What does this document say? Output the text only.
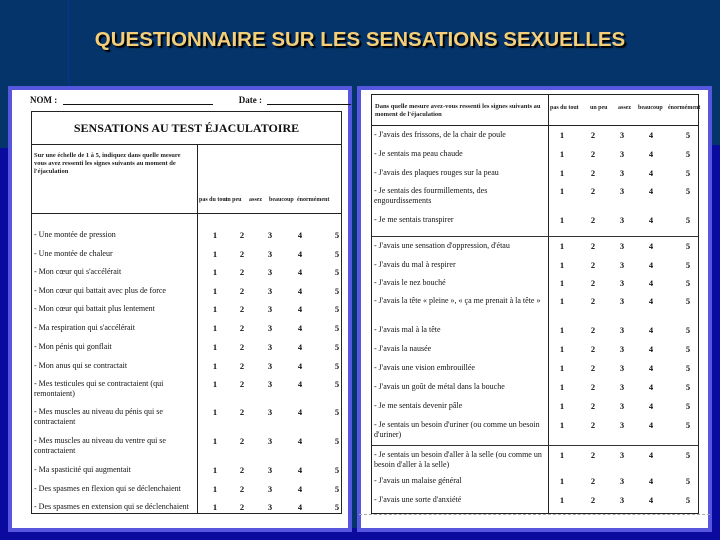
QUESTIONNAIRE SUR LES SENSATIONS SEXUELLES
NOM :	Date :
SENSATIONS AU TEST ÉJACULATOIRE
Sur une échelle de 1 à 5, indiquez dans quelle mesure vous avez ressenti les signes suivants au moment de l'éjaculation
pas du tout
un peu assez beaucoup énormément
- Une montée de pression	1	2	3	4	5
- Une montée de chaleur	1	2	3	4	5
- Mon cœur qui s'accélérait	1	2	3	4	5
- Mon cœur qui battait avec plus de force	1	2	3	4	5
- Mon cœur qui battait plus lentement	1	2	3	4	5
- Ma respiration qui s'accélérait	1	2	3	4	5
- Mon pénis qui gonflait	1	2	3	4	5
- Mon anus qui se contractait	1	2	3	4	5
- Mes testicules qui se contractaient (qui remontaient)
1	2	3	4	5
- Mes muscles au niveau du pénis qui se contractaient
1	2	3	4	5
- Mes muscles au niveau du ventre qui se contractaient
1	2	3	4	5
- Ma spasticité qui augmentait	1	2	3	4	5
- Des spasmes en flexion qui se déclenchaient	1	2	3	4	5
- Des spasmes en extension qui se déclenchaient	1	2	3	4	5
Dans quelle mesure avez-vous ressenti les signes suivants au moment de l'éjaculation
pas du tout un peu assez beaucoup énormément
- J'avais des frissons, de la chair de poule	1	2	3	4	5
- Je sentais ma peau chaude	1	2	3	4	5
- J'avais des plaques rouges sur la peau	1	2	3	4	5
- Je sentais des fourmillements, des engourdissements
1	2	3	4	5
- Je me sentais transpirer	1	2	3	4	5
- J'avais une sensation d'oppression, d'étau	1	2	3	4	5
- J'avais du mal à respirer	1	2	3	4	5
- J'avais le nez bouché	1	2	3	4	5
- J'avais la tête « pleine », « ça me prenait à la tête »	1	2	3	4	5
- J'avais mal à la tête	1	2	3	4	5
- J'avais la nausée	1	2	3	4	5
- J'avais une vision embrouillée	1	2	3	4	5
- J'avais un goût de métal dans la bouche	1	2	3	4	5
- Je me sentais devenir pâle	1	2	3	4	5
- Je sentais un besoin d'uriner (ou comme un besoin d'uriner)
1	2	3	4	5
- Je sentais un besoin d'aller à la selle (ou comme un besoin d'aller à la selle)
1	2	3	4	5
- J'avais un malaise général	1	2	3	4	5
- J'avais une sorte d'anxiété	1	2	3	4	5
